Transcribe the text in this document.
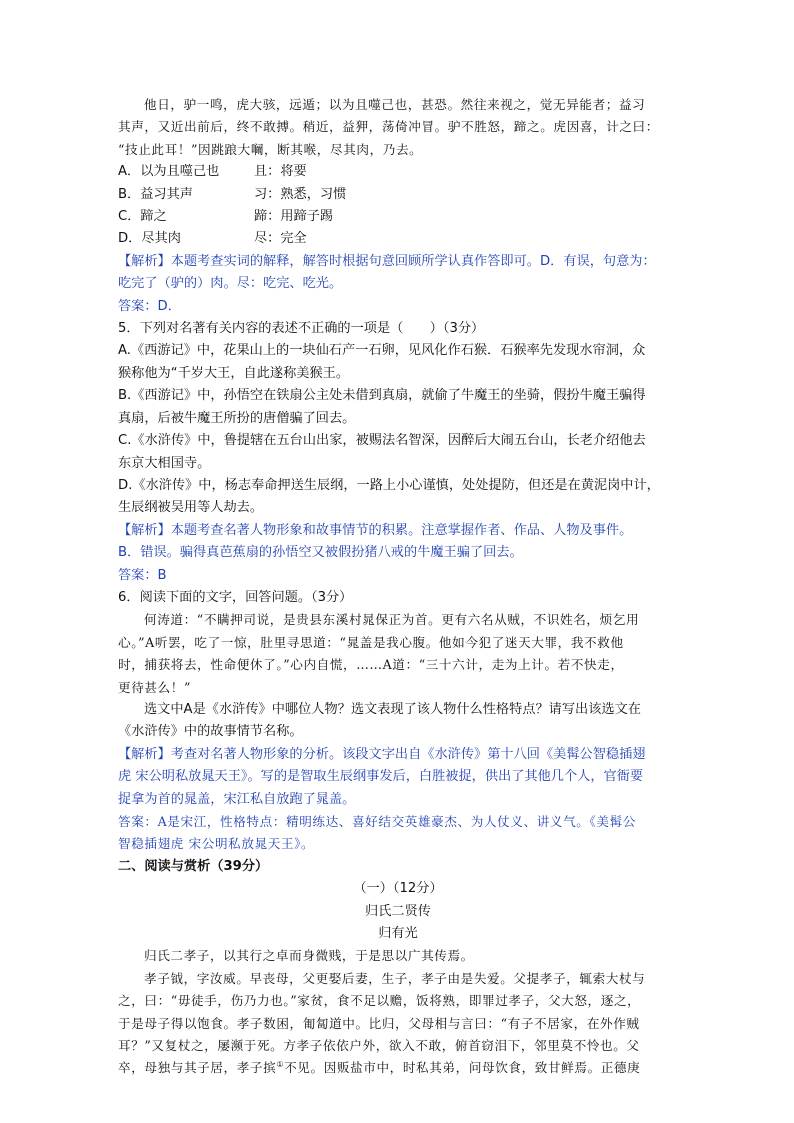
他日，驴一鸣，虎大骇，远遁；以为且噬己也，甚恐。然往来视之，觉无异能者；益习
其声，又近出前后，终不敢搏。稍近，益狎，荡倚冲冒。驴不胜怒，蹄之。虎因喜，计之曰：
“技止此耳！”因跳踉大㘎，断其喉，尽其肉，乃去。
A．以为且噬己也	且：将要
B．益习其声	习：熟悉，习惯
C．蹄之	蹄：用蹄子踢
D．尽其肉	尽：完全
【解析】本题考查实词的解释，解答时根据句意回顾所学认真作答即可。D．有误，句意为：
吃完了（驴的）肉。尽：吃完、吃光。
答案：D．
5．下列对名著有关内容的表述不正确的一项是（　　）（3分）
A.《西游记》中，花果山上的一块仙石产一石卵，见风化作石猴．石猴率先发现水帘洞，众
猴称他为“千岁大王，自此遂称美猴王。
B.《西游记》中，孙悟空在铁扇公主处未借到真扇，就偷了牛魔王的坐骑，假扮牛魔王骗得
真扇，后被牛魔王所扮的唐僧骗了回去。
C.《水浒传》中，鲁提辖在五台山出家，被赐法名智深，因醉后大闹五台山，长老介绍他去
东京大相国寺。
D.《水浒传》中，杨志奉命押送生辰纲，一路上小心谨慎，处处提防，但还是在黄泥岗中计，
生辰纲被吴用等人劫去。
【解析】本题考查名著人物形象和故事情节的积累。注意掌握作者、作品、人物及事件。
B．错误。骗得真芭蕉扇的孙悟空又被假扮猪八戒的牛魔王骗了回去。
答案：B
6．阅读下面的文字，回答问题。（3分）
何涛道：“不瞒押司说，是贵县东溪村晁保正为首。更有六名从贼，不识姓名，烦乞用
心。”A听罢，吃了一惊，肚里寻思道：“晁盖是我心腹。他如今犯了迷天大罪，我不救他
时，捕获将去，性命便休了。”心内自慌，……A道：“三十六计，走为上计。若不快走，
更待甚么！”
选文中A是《水浒传》中哪位人物？选文表现了该人物什么性格特点？请写出该选文在
《水浒传》中的故事情节名称。
【解析】考查对名著人物形象的分析。该段文字出自《水浒传》第十八回《美髯公智稳插翅
虎 宋公明私放晁天王》。写的是智取生辰纲事发后，白胜被捉，供出了其他几个人，官衙要
捉拿为首的晁盖，宋江私自放跑了晁盖。
答案：A是宋江，性格特点：精明练达、喜好结交英雄豪杰、为人仗义、讲义气。《美髯公
智稳插翅虎 宋公明私放晁天王》。
二、阅读与赏析（39分）
（一）（12分）
归氏二贤传
归有光
归氏二孝子，以其行之卓而身微贱，于是思以广其传焉。
孝子钺，字汝威。早丧母，父更娶后妻，生子，孝子由是失爱。父提孝子，辄索大杖与
之，曰：“毋徒手，伤乃力也。”家贫，食不足以赡，饭将熟，即罪过孝子，父大怒，逐之，
于是母子得以饱食。孝子数困，匍匐道中。比归，父母相与言曰：“有子不居家，在外作贼
耳？”又复杖之，屡濒于死。方孝子依依户外，欲入不敢，俯首窃泪下，邻里莫不怜也。父
卒，母独与其子居，孝子摈①不见。因贩盐市中，时私其弟，问母饮食，致甘鲜焉。正德庚
